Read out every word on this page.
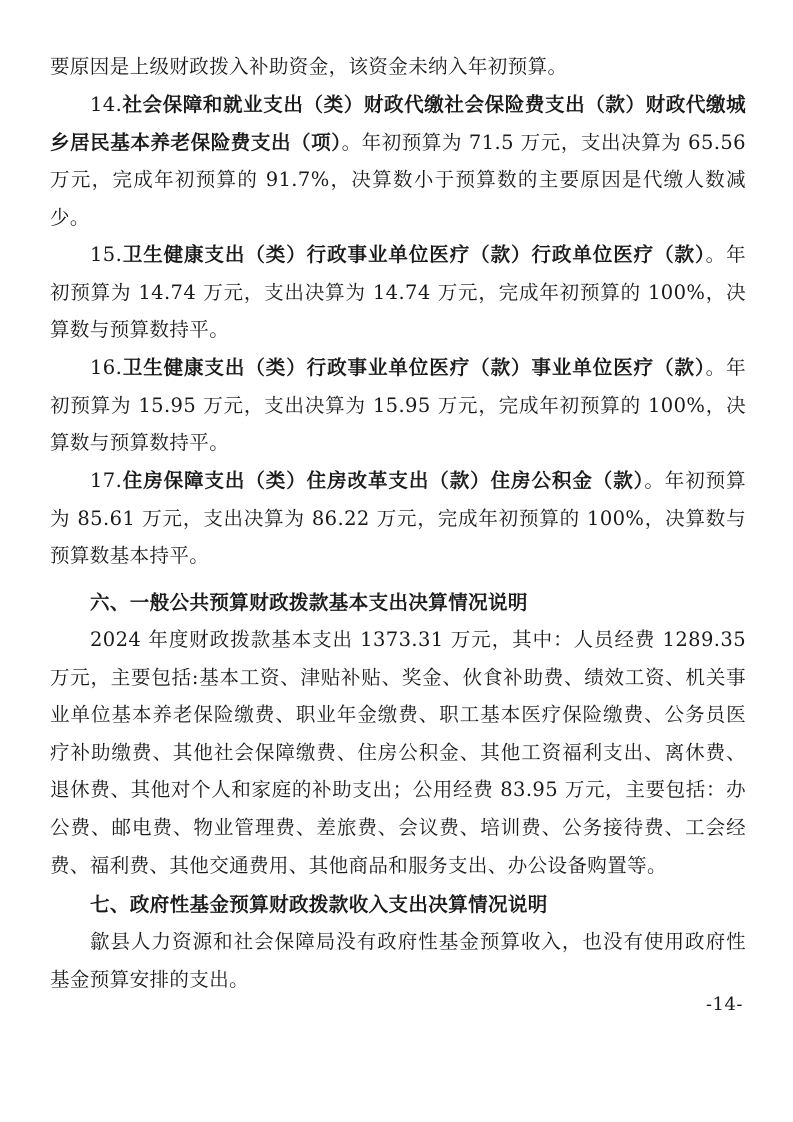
要原因是上级财政拨入补助资金，该资金未纳入年初预算。

14.社会保障和就业支出（类）财政代缴社会保险费支出（款）财政代缴城乡居民基本养老保险费支出（项）。年初预算为 71.5 万元，支出决算为 65.56 万元，完成年初预算的 91.7%，决算数小于预算数的主要原因是代缴人数减少。

15.卫生健康支出（类）行政事业单位医疗（款）行政单位医疗（款）。年初预算为 14.74 万元，支出决算为 14.74 万元，完成年初预算的 100%，决算数与预算数持平。

16.卫生健康支出（类）行政事业单位医疗（款）事业单位医疗（款）。年初预算为 15.95 万元，支出决算为 15.95 万元，完成年初预算的 100%，决算数与预算数持平。

17.住房保障支出（类）住房改革支出（款）住房公积金（款）。年初预算为 85.61 万元，支出决算为 86.22 万元，完成年初预算的 100%，决算数与预算数基本持平。

六、一般公共预算财政拨款基本支出决算情况说明

2024 年度财政拨款基本支出 1373.31 万元，其中：人员经费 1289.35 万元，主要包括:基本工资、津贴补贴、奖金、伙食补助费、绩效工资、机关事业单位基本养老保险缴费、职业年金缴费、职工基本医疗保险缴费、公务员医疗补助缴费、其他社会保障缴费、住房公积金、其他工资福利支出、离休费、退休费、其他对个人和家庭的补助支出；公用经费 83.95 万元，主要包括：办公费、邮电费、物业管理费、差旅费、会议费、培训费、公务接待费、工会经费、福利费、其他交通费用、其他商品和服务支出、办公设备购置等。

七、政府性基金预算财政拨款收入支出决算情况说明

歙县人力资源和社会保障局没有政府性基金预算收入，也没有使用政府性基金预算安排的支出。

-14-
